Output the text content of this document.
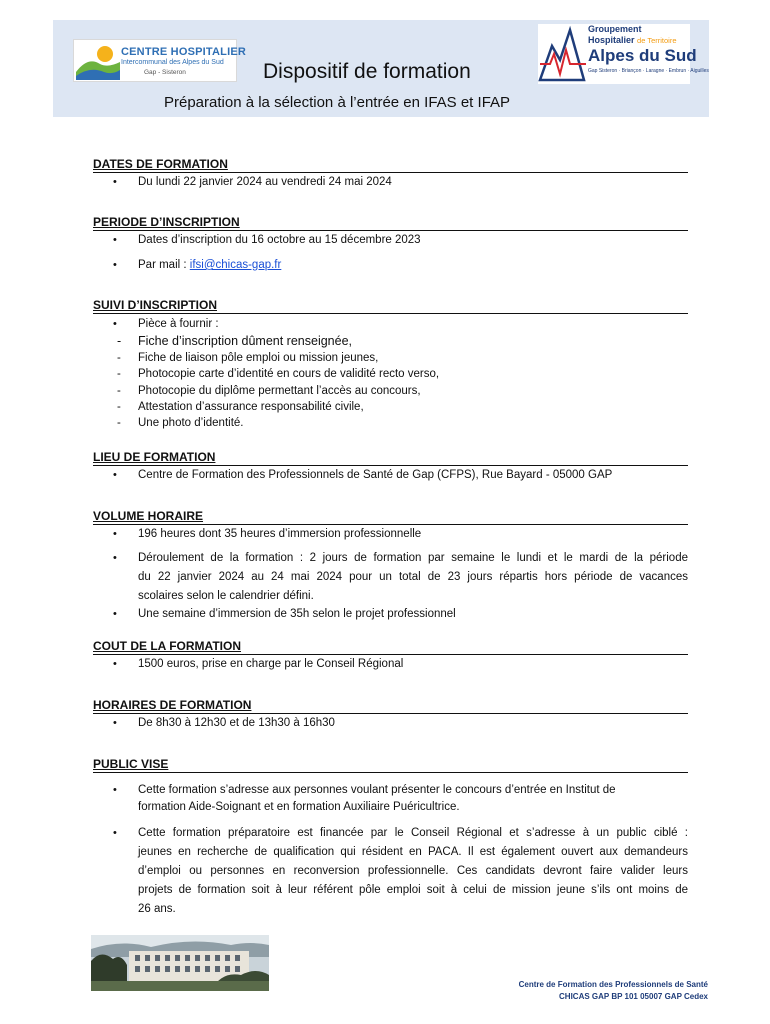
CENTRE HOSPITALIER
Intercommunal des Alpes du Sud
Gap - Sisteron
Groupement
Hospitalier de Territoire
Alpes du Sud
Gap Sisteron · Briançon · Laragne · Embrun · Aiguilles
Dispositif de formation
Préparation à la sélection à l’entrée en IFAS et IFAP
DATES DE FORMATION
•	Du lundi 22 janvier 2024 au vendredi 24 mai 2024
PERIODE D’INSCRIPTION
•	Dates d’inscription du 16 octobre au 15 décembre 2023
•	Par mail : ifsi@chicas-gap.fr
SUIVI D’INSCRIPTION
•	Pièce à fournir :
-	Fiche d’inscription dûment renseignée,
-	Fiche de liaison pôle emploi ou mission jeunes,
-	Photocopie carte d’identité en cours de validité recto verso,
-	Photocopie du diplôme permettant l’accès au concours,
-	Attestation d’assurance responsabilité civile,
-	Une photo d’identité.
LIEU DE FORMATION
•	Centre de Formation des Professionnels de Santé de Gap (CFPS), Rue Bayard - 05000 GAP
VOLUME HORAIRE
•	196 heures dont 35 heures d’immersion professionnelle
•	Déroulement de la formation : 2 jours de formation par semaine le lundi et le mardi de la période
du 22 janvier 2024 au 24 mai 2024 pour un total de 23 jours répartis hors période de vacances
scolaires selon le calendrier défini.
•	Une semaine d’immersion de 35h selon le projet professionnel
COUT DE LA FORMATION
•	1500 euros, prise en charge par le Conseil Régional
HORAIRES DE FORMATION
•	De 8h30 à 12h30 et de 13h30 à 16h30
PUBLIC VISE
•	Cette formation s’adresse aux personnes voulant présenter le concours d’entrée en Institut de
formation Aide-Soignant et en formation Auxiliaire Puéricultrice.
•	Cette formation préparatoire est financée par le Conseil Régional et s’adresse à un public ciblé :
jeunes en recherche de qualification qui résident en PACA. Il est également ouvert aux demandeurs
d’emploi ou personnes en reconversion professionnelle. Ces candidats devront faire valider leurs
projets de formation soit à leur référent pôle emploi soit à celui de mission jeune s’ils ont moins de
26 ans.
Centre de Formation des Professionnels de Santé
CHICAS GAP BP 101 05007 GAP Cedex
